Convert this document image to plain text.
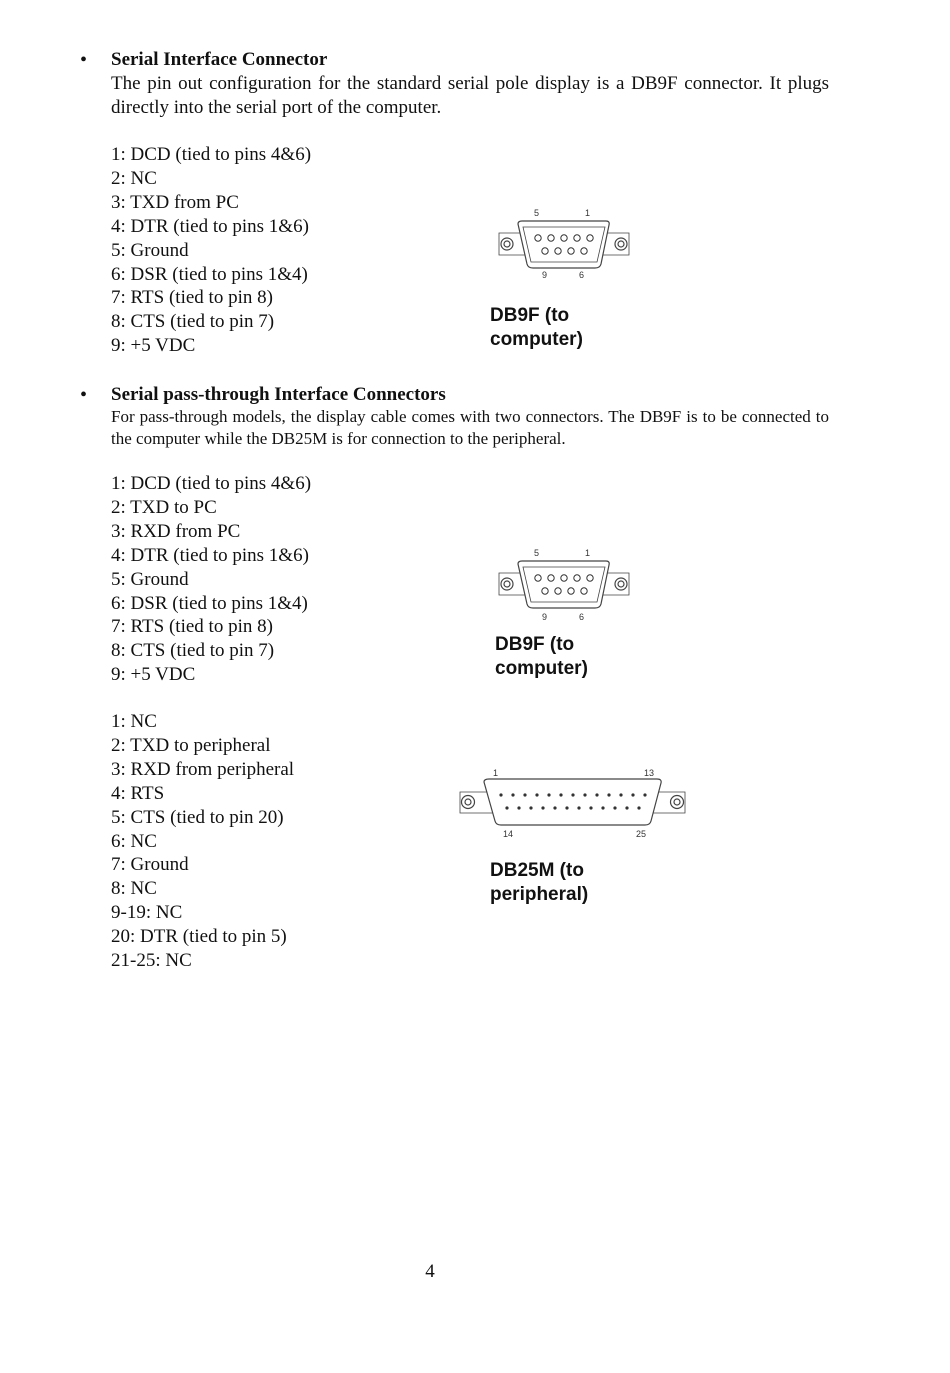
• Serial Interface Connector
The pin out configuration for the standard serial pole display is a DB9F connector. It plugs directly into the serial port of the computer.
1: DCD (tied to pins 4&6)
2: NC
3: TXD from PC
4: DTR (tied to pins 1&6)
5: Ground
6: DSR (tied to pins 1&4)
7: RTS (tied to pin 8)
8: CTS (tied to pin 7)
9: +5 VDC
5	1
9	6
DB9F (to computer)
• Serial pass-through Interface Connectors
For pass-through models, the display cable comes with two connectors. The DB9F is to be connected to the computer while the DB25M is for connection to the peripheral.
1: DCD (tied to pins 4&6)
2: TXD to PC
3: RXD from PC
4: DTR (tied to pins 1&6)
5: Ground
6: DSR (tied to pins 1&4)
7: RTS (tied to pin 8)
8: CTS (tied to pin 7)
9: +5 VDC
5	1
9	6
DB9F (to computer)
1: NC
2: TXD to peripheral
3: RXD from peripheral
4: RTS
5: CTS (tied to pin 20)
6: NC
7: Ground
8: NC
9-19: NC
20: DTR (tied to pin 5)
21-25: NC
1	13
14	25
DB25M (to peripheral)
4
